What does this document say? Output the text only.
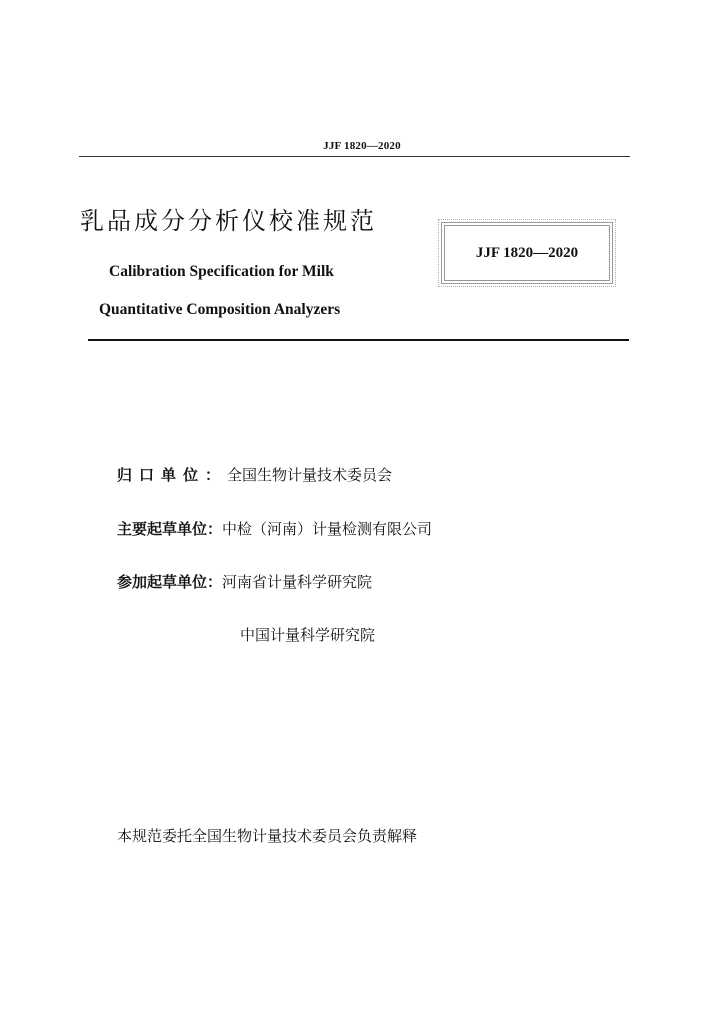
JJF 1820—2020
乳品成分分析仪校准规范
Calibration Specification for Milk
Quantitative Composition Analyzers
JJF 1820—2020
归口单位：全国生物计量技术委员会
主要起草单位：中检（河南）计量检测有限公司
参加起草单位：河南省计量科学研究院
中国计量科学研究院
本规范委托全国生物计量技术委员会负责解释
